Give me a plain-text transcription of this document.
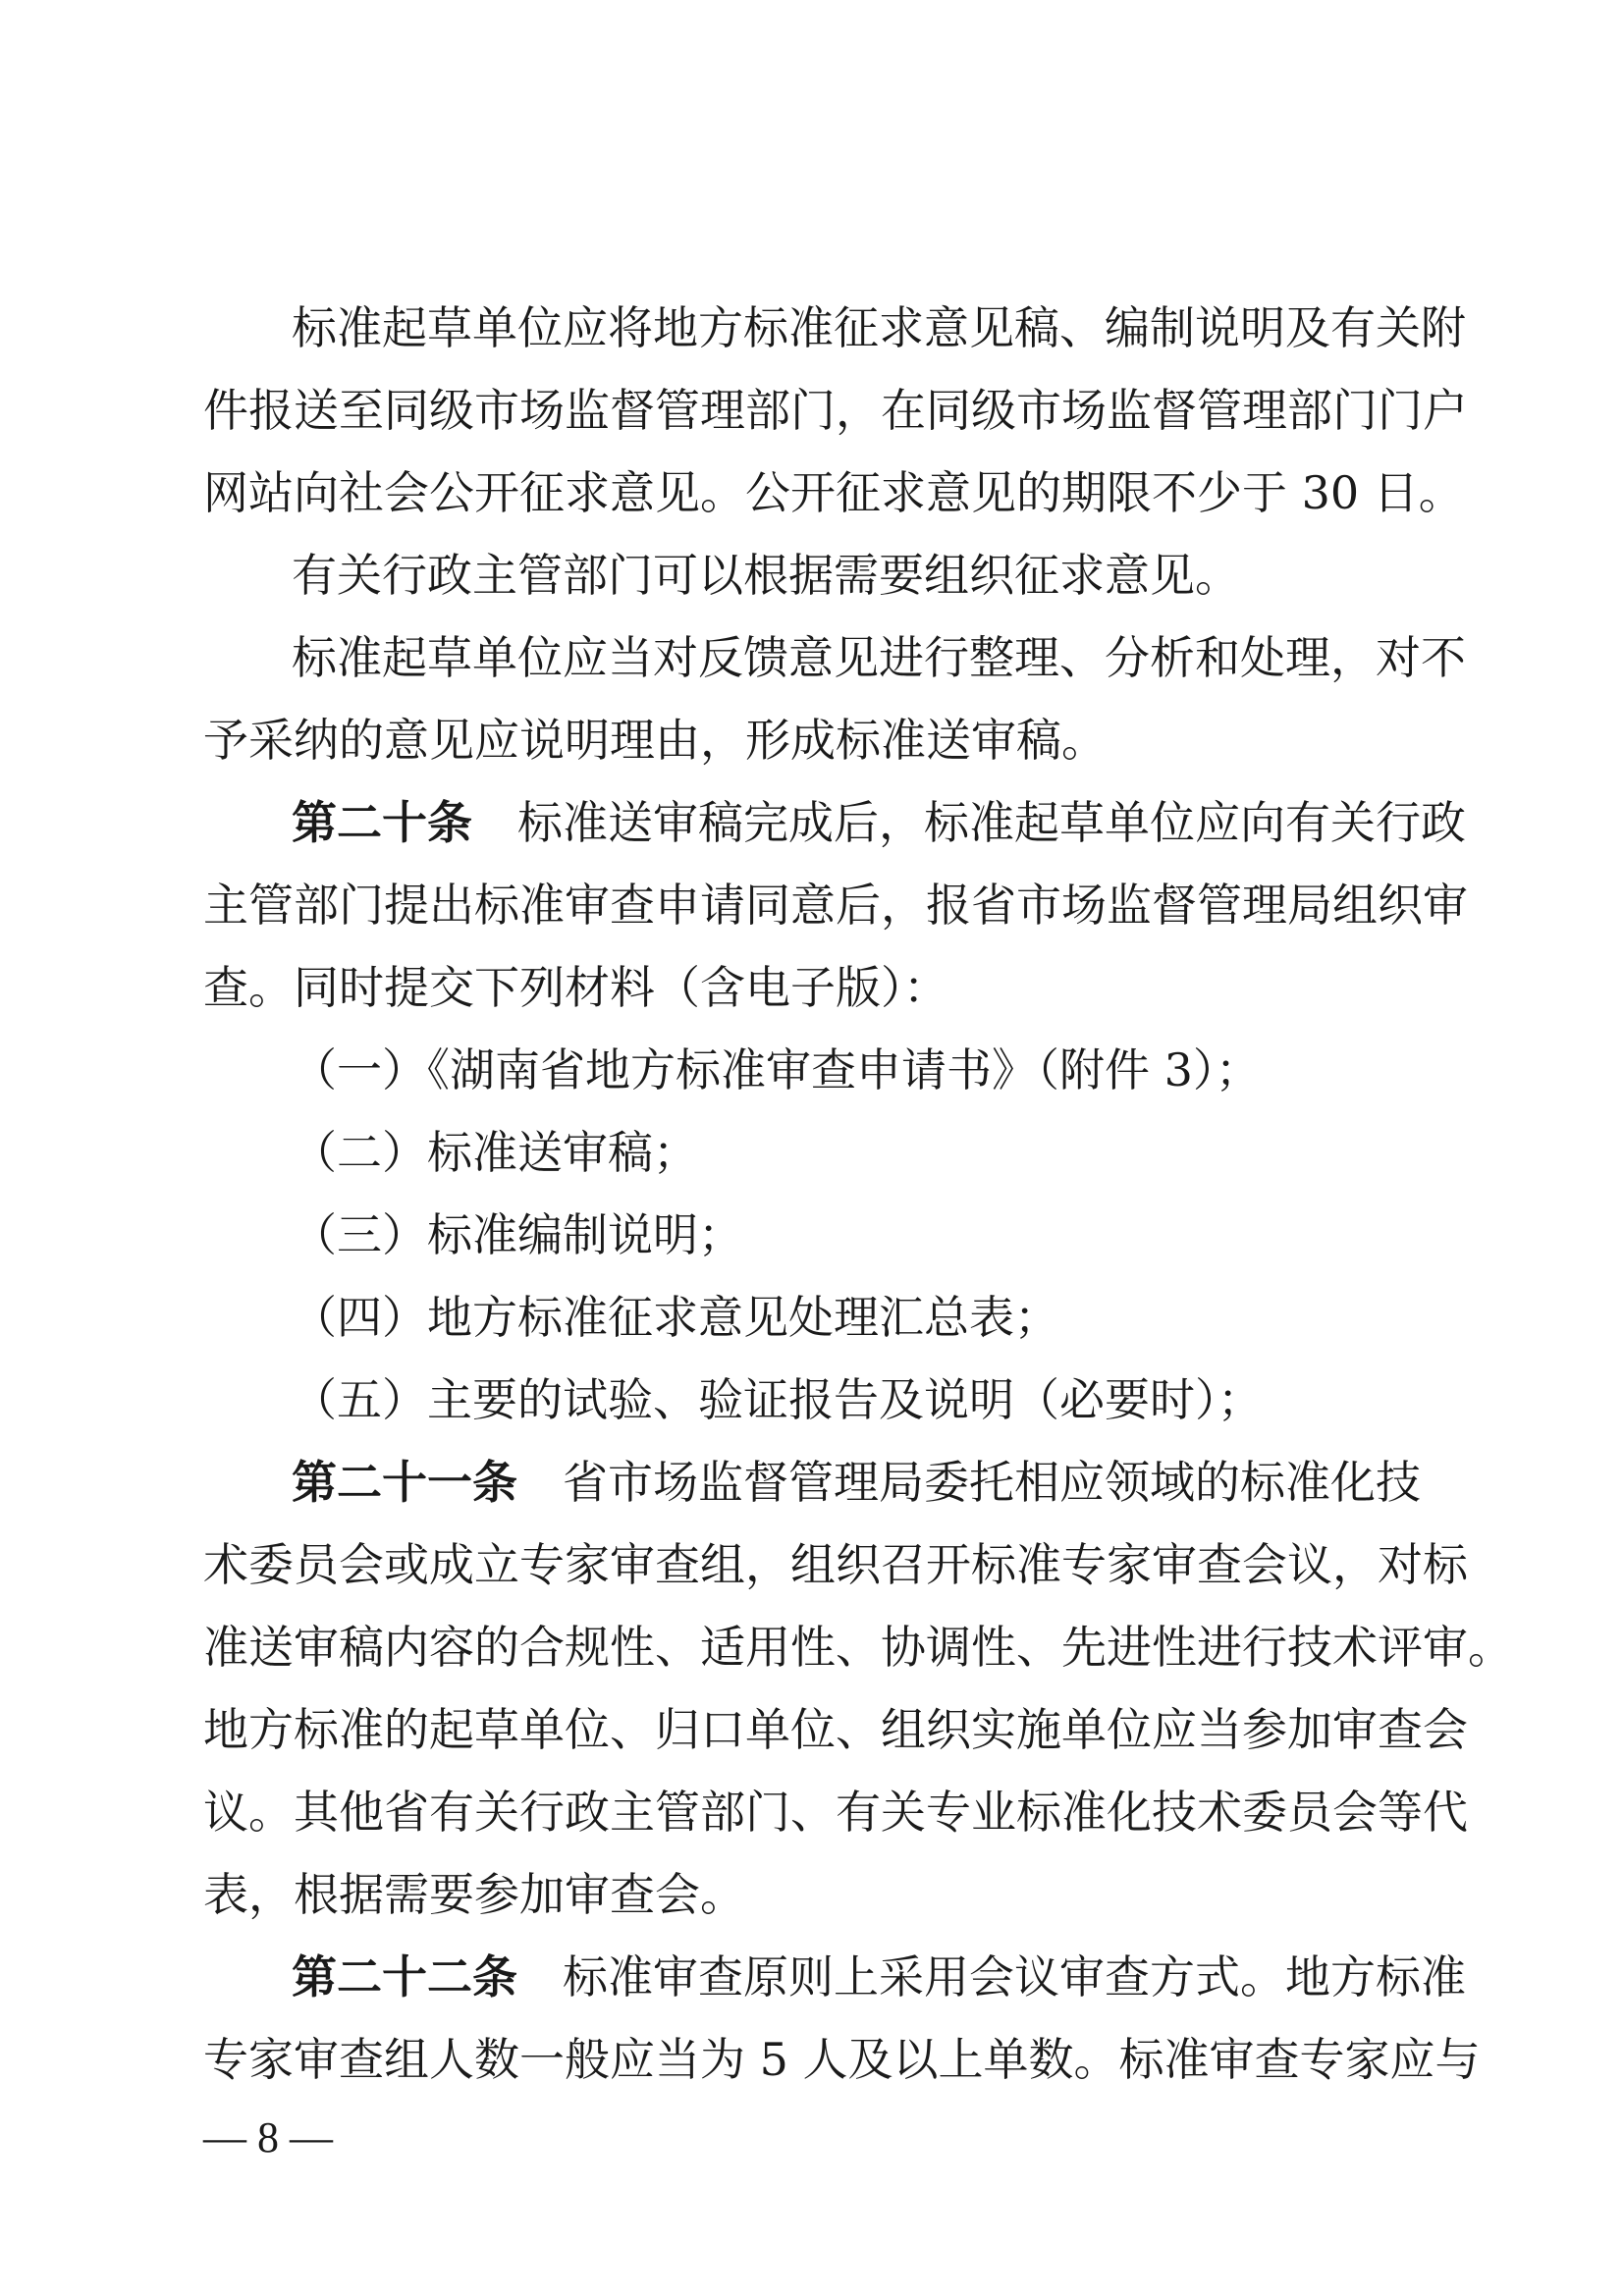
标准起草单位应将地方标准征求意见稿、编制说明及有关附
件报送至同级市场监督管理部门，在同级市场监督管理部门门户
网站向社会公开征求意见。公开征求意见的期限不少于 30 日。
有关行政主管部门可以根据需要组织征求意见。
标准起草单位应当对反馈意见进行整理、分析和处理，对不
予采纳的意见应说明理由，形成标准送审稿。
第二十条 标准送审稿完成后，标准起草单位应向有关行政
主管部门提出标准审查申请同意后，报省市场监督管理局组织审
查。同时提交下列材料（含电子版）：
（一）《湖南省地方标准审查申请书》（附件 3）；
（二）标准送审稿；
（三）标准编制说明；
（四）地方标准征求意见处理汇总表；
（五）主要的试验、验证报告及说明（必要时）；
第二十一条 省市场监督管理局委托相应领域的标准化技
术委员会或成立专家审查组，组织召开标准专家审查会议，对标
准送审稿内容的合规性、适用性、协调性、先进性进行技术评审。
地方标准的起草单位、归口单位、组织实施单位应当参加审查会
议。其他省有关行政主管部门、有关专业标准化技术委员会等代
表，根据需要参加审查会。
第二十二条 标准审查原则上采用会议审查方式。地方标准
专家审查组人数一般应当为 5 人及以上单数。标准审查专家应与
— 8 —
